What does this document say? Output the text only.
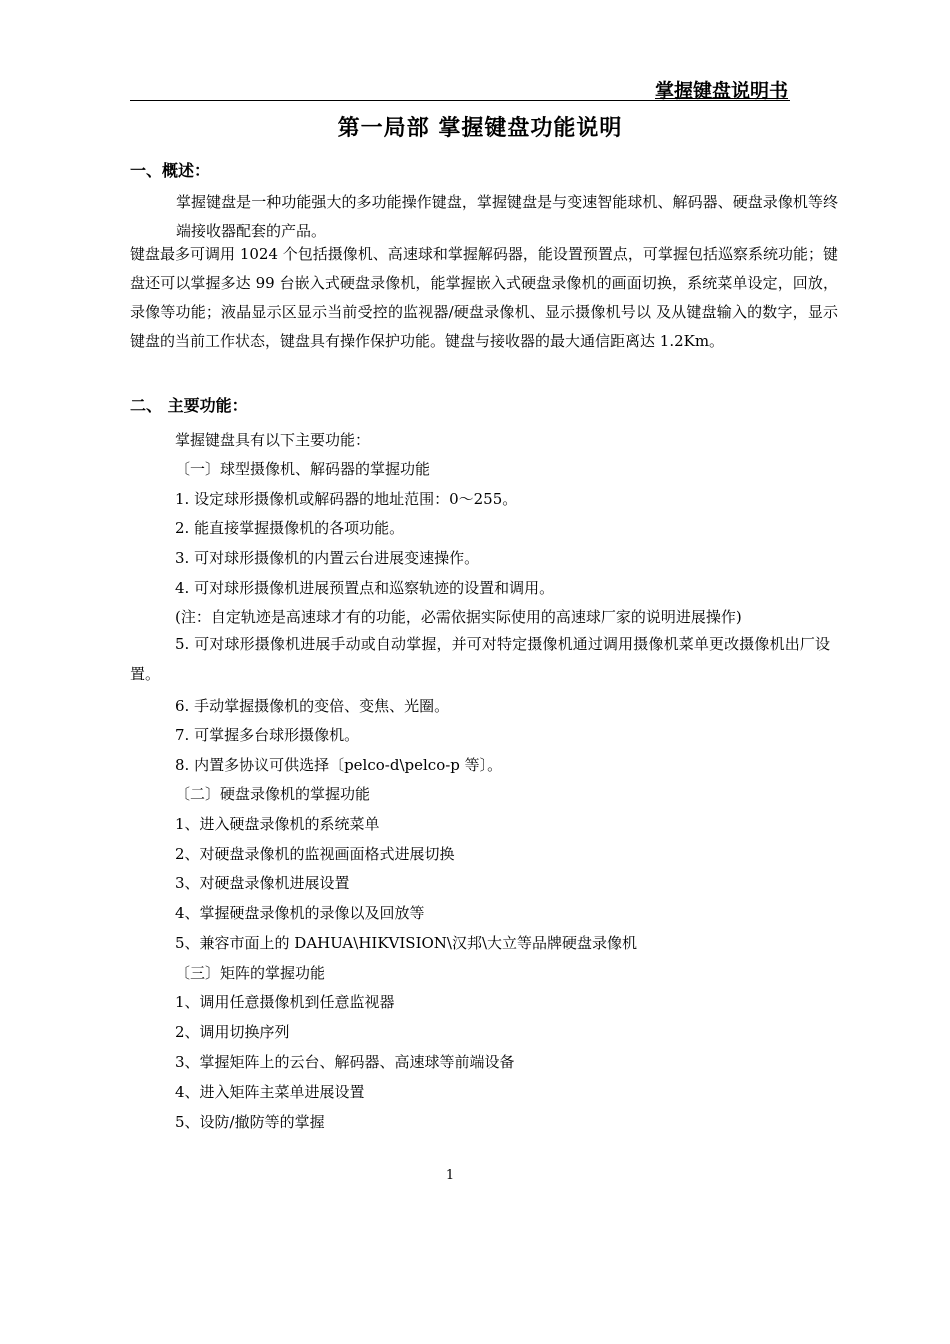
掌握键盘说明书
第一局部 掌握键盘功能说明
一、概述：
掌握键盘是一种功能强大的多功能操作键盘，掌握键盘是与变速智能球机、解码器、硬盘录像机等终端接收器配套的产品。
键盘最多可调用 1024 个包括摄像机、高速球和掌握解码器，能设置预置点，可掌握包括巡察系统功能；键盘还可以掌握多达 99 台嵌入式硬盘录像机，能掌握嵌入式硬盘录像机的画面切换，系统菜单设定，回放，录像等功能；液晶显示区显示当前受控的监视器/硬盘录像机、显示摄像机号以 及从键盘输入的数字，显示键盘的当前工作状态，键盘具有操作保护功能。键盘与接收器的最大通信距离达 1.2Km。
二、 主要功能：
掌握键盘具有以下主要功能：
〔一〕球型摄像机、解码器的掌握功能
1. 设定球形摄像机或解码器的地址范围：0～255。
2. 能直接掌握摄像机的各项功能。
3. 可对球形摄像机的内置云台进展变速操作。
4. 可对球形摄像机进展预置点和巡察轨迹的设置和调用。
(注：自定轨迹是高速球才有的功能，必需依据实际使用的高速球厂家的说明进展操作)
5. 可对球形摄像机进展手动或自动掌握，并可对特定摄像机通过调用摄像机菜单更改摄像机出厂设置。
6. 手动掌握摄像机的变倍、变焦、光圈。
7. 可掌握多台球形摄像机。
8. 内置多协议可供选择〔pelco-d\pelco-p 等〕。
〔二〕硬盘录像机的掌握功能
1、进入硬盘录像机的系统菜单
2、对硬盘录像机的监视画面格式进展切换
3、对硬盘录像机进展设置
4、掌握硬盘录像机的录像以及回放等
5、兼容市面上的 DAHUA\HIKVISION\汉邦\大立等品牌硬盘录像机
〔三〕矩阵的掌握功能
1、调用任意摄像机到任意监视器
2、调用切换序列
3、掌握矩阵上的云台、解码器、高速球等前端设备
4、进入矩阵主菜单进展设置
5、设防/撤防等的掌握
1
